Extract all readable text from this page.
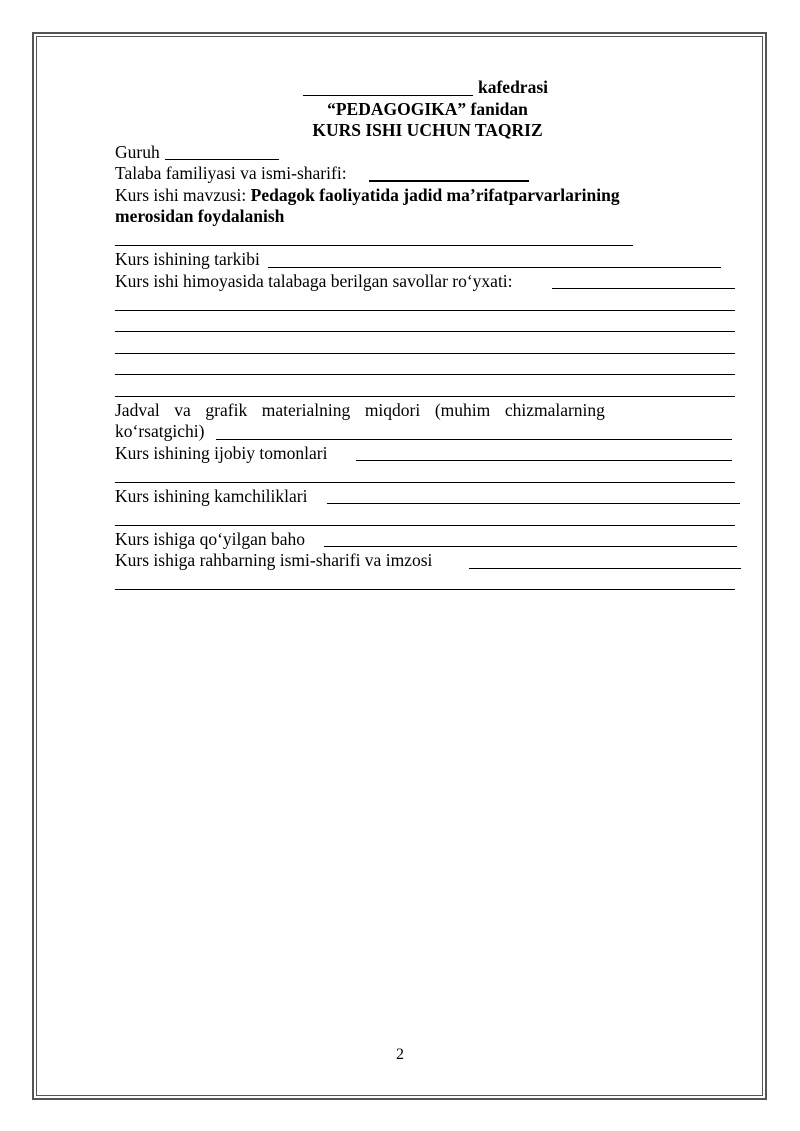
kafedrasi
“PEDAGOGIKA” fanidan
KURS ISHI UCHUN TAQRIZ
Guruh
Talaba familiyasi va ismi-sharifi:
Kurs ishi mavzusi: Pedagok faoliyatida jadid ma’rifatparvarlarining
merosidan foydalanish
Kurs ishining tarkibi
Kurs ishi himoyasida talabaga berilgan savollar ro‘yxati:
Jadval va grafik materialning miqdori (muhim chizmalarning
ko‘rsatgichi)
Kurs ishining ijobiy tomonlari
Kurs ishining kamchiliklari
Kurs ishiga qo‘yilgan baho
Kurs ishiga rahbarning ismi-sharifi va imzosi
2
